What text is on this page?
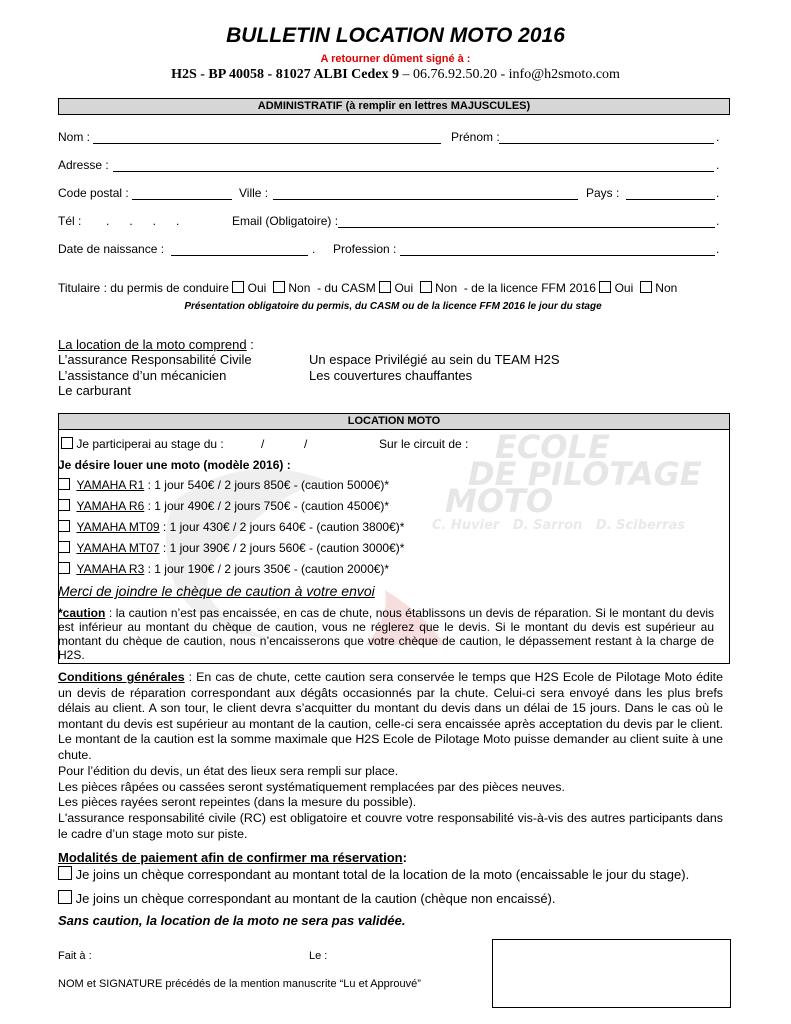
BULLETIN LOCATION MOTO 2016
A retourner dûment signé à :
H2S - BP 40058 - 81027 ALBI Cedex 9 – 06.76.92.50.20 - info@h2smoto.com
ADMINISTRATIF (à remplir en lettres MAJUSCULES)
Nom :	Prénom :	.
Adresse :	.
Code postal :	Ville :	Pays :	.
Tél : .      .      .      .	Email (Obligatoire) :	.
Date de naissance :	. Profession :	.
Titulaire : du permis de conduire Oui Non - du CASM Oui Non - de la licence FFM 2016 Oui Non
Présentation obligatoire du permis, du CASM ou de la licence FFM 2016 le jour du stage
La location de la moto comprend :
L’assurance Responsabilité Civile
L’assistance d’un mécanicien
Le carburant
Un espace Privilégié au sein du TEAM H2S
Les couvertures chauffantes
LOCATION MOTO
ECOLE
DE PILOTAGE
MOTO
C. Huvier   D. Sarron   D. Sciberras
Je participerai au stage du :	/	/	Sur le circuit de :
Je désire louer une moto (modèle 2016) :
YAMAHA R1 : 1 jour 540€ / 2 jours 850€ - (caution 5000€)*
YAMAHA R6 : 1 jour 490€ / 2 jours 750€ - (caution 4500€)*
YAMAHA MT09 : 1 jour 430€ / 2 jours 640€ - (caution 3800€)*
YAMAHA MT07 : 1 jour 390€ / 2 jours 560€ - (caution 3000€)*
YAMAHA R3 : 1 jour 190€ / 2 jours 350€ - (caution 2000€)*
Merci de joindre le chèque de caution à votre envoi
*caution : la caution n’est pas encaissée, en cas de chute, nous établissons un devis de réparation. Si le montant du devis est inférieur au montant du chèque de caution, vous ne réglerez que le devis. Si le montant du devis est supérieur au montant du chèque de caution, nous n’encaisserons que votre chèque de caution, le dépassement restant à la charge de H2S.
Conditions générales : En cas de chute, cette caution sera conservée le temps que H2S Ecole de Pilotage Moto édite un devis de réparation correspondant aux dégâts occasionnés par la chute. Celui-ci sera envoyé dans les plus brefs délais au client. A son tour, le client devra s’acquitter du montant du devis dans un délai de 15 jours. Dans le cas où le montant du devis est supérieur au montant de la caution, celle-ci sera encaissée après acceptation du devis par le client. Le montant de la caution est la somme maximale que H2S Ecole de Pilotage Moto puisse demander au client suite à une chute.
Pour l’édition du devis, un état des lieux sera rempli sur place.
Les pièces râpées ou cassées seront systématiquement remplacées par des pièces neuves.
Les pièces rayées seront repeintes (dans la mesure du possible).
L'assurance responsabilité civile (RC) est obligatoire et couvre votre responsabilité vis-à-vis des autres participants dans le cadre d’un stage moto sur piste.
Modalités de paiement afin de confirmer ma réservation:
Je joins un chèque correspondant au montant total de la location de la moto (encaissable le jour du stage).
Je joins un chèque correspondant au montant de la caution (chèque non encaissé).
Sans caution, la location de la moto ne sera pas validée.
Fait à :	Le :
NOM et SIGNATURE précédés de la mention manuscrite “Lu et Approuvé”
